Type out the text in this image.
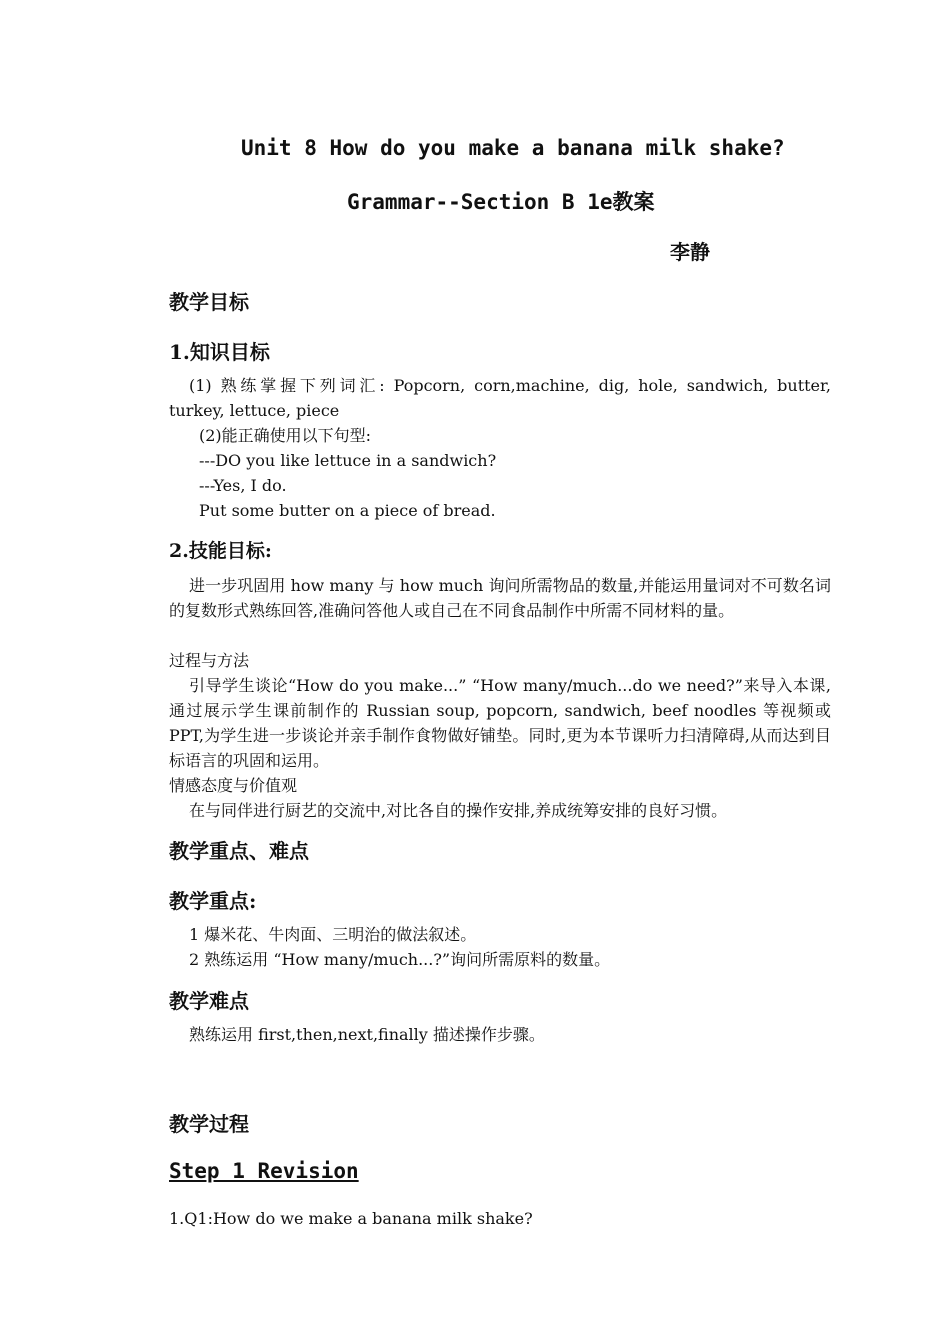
Unit 8 How do you make a banana milk shake?
Grammar--Section B 1e教案
李静
教学目标
1.知识目标
(1) 熟练掌握下列词汇: Popcorn, corn,machine, dig, hole, sandwich, butter, turkey, lettuce, piece
(2)能正确使用以下句型:
---DO you like lettuce in a sandwich?
---Yes, I do.
Put some butter on a piece of bread.
2.技能目标:
进一步巩固用 how many 与 how much 询问所需物品的数量,并能运用量词对不可数名词的复数形式熟练回答,准确问答他人或自己在不同食品制作中所需不同材料的量。
过程与方法
引导学生谈论“How do you make...” “How many/much...do we need?”来导入本课,通过展示学生课前制作的 Russian soup, popcorn, sandwich, beef noodles 等视频或PPT,为学生进一步谈论并亲手制作食物做好铺垫。同时,更为本节课听力扫清障碍,从而达到目标语言的巩固和运用。
情感态度与价值观
在与同伴进行厨艺的交流中,对比各自的操作安排,养成统筹安排的良好习惯。
教学重点、难点
教学重点:
1 爆米花、牛肉面、三明治的做法叙述。
2 熟练运用 “How many/much...?”询问所需原料的数量。
教学难点
熟练运用 first,then,next,finally 描述操作步骤。
教学过程
Step 1 Revision
1.Q1:How do we make a banana milk shake?
